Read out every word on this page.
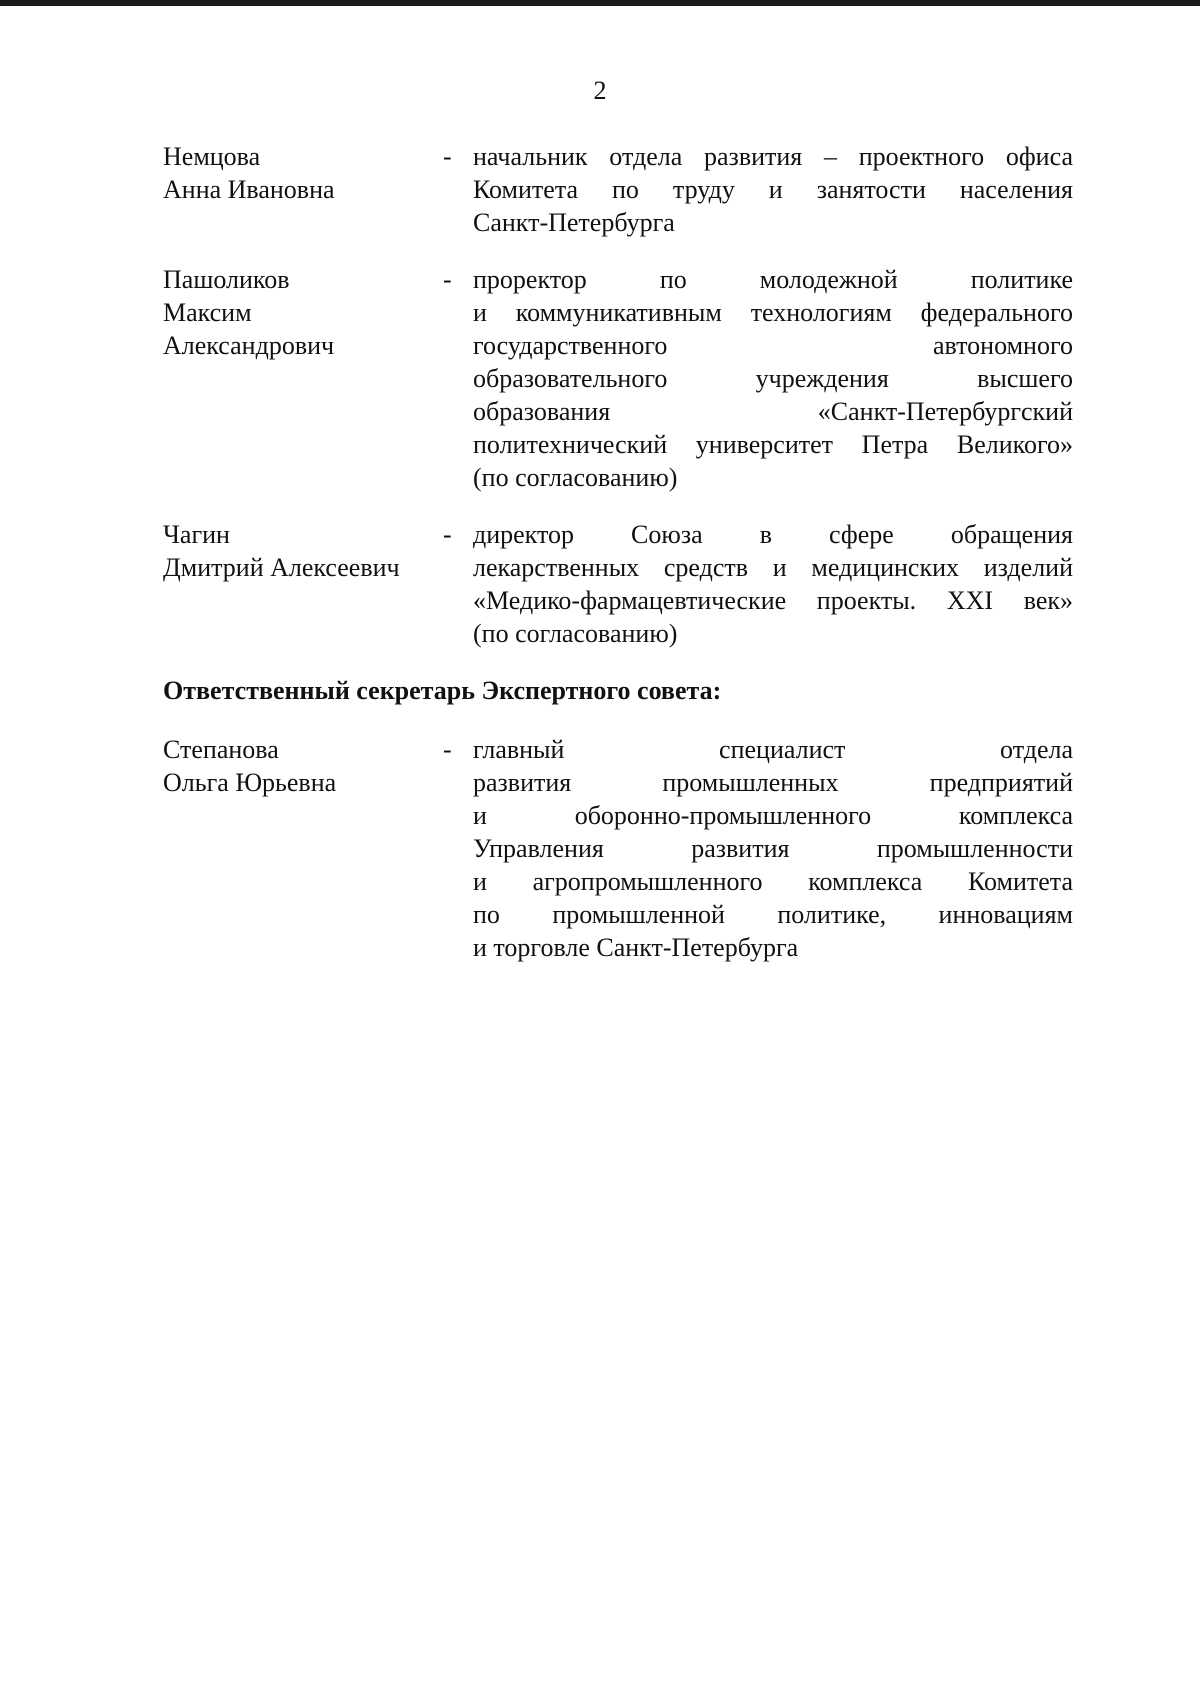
2
Немцова
Анна Ивановна
- начальник отдела развития – проектного офиса
Комитета по труду и занятости населения
Санкт-Петербурга
Пашоликов
Максим
Александрович
- проректор по молодежной политике
и коммуникативным технологиям федерального
государственного автономного
образовательного учреждения высшего
образования «Санкт-Петербургский
политехнический университет Петра Великого»
(по согласованию)
Чагин
Дмитрий Алексеевич
- директор Союза в сфере обращения
лекарственных средств и медицинских изделий
«Медико-фармацевтические проекты. XXI век»
(по согласованию)
Ответственный секретарь Экспертного совета:
Степанова
Ольга Юрьевна
- главный специалист отдела
развития промышленных предприятий
и оборонно-промышленного комплекса
Управления развития промышленности
и агропромышленного комплекса Комитета
по промышленной политике, инновациям
и торговле Санкт-Петербурга
